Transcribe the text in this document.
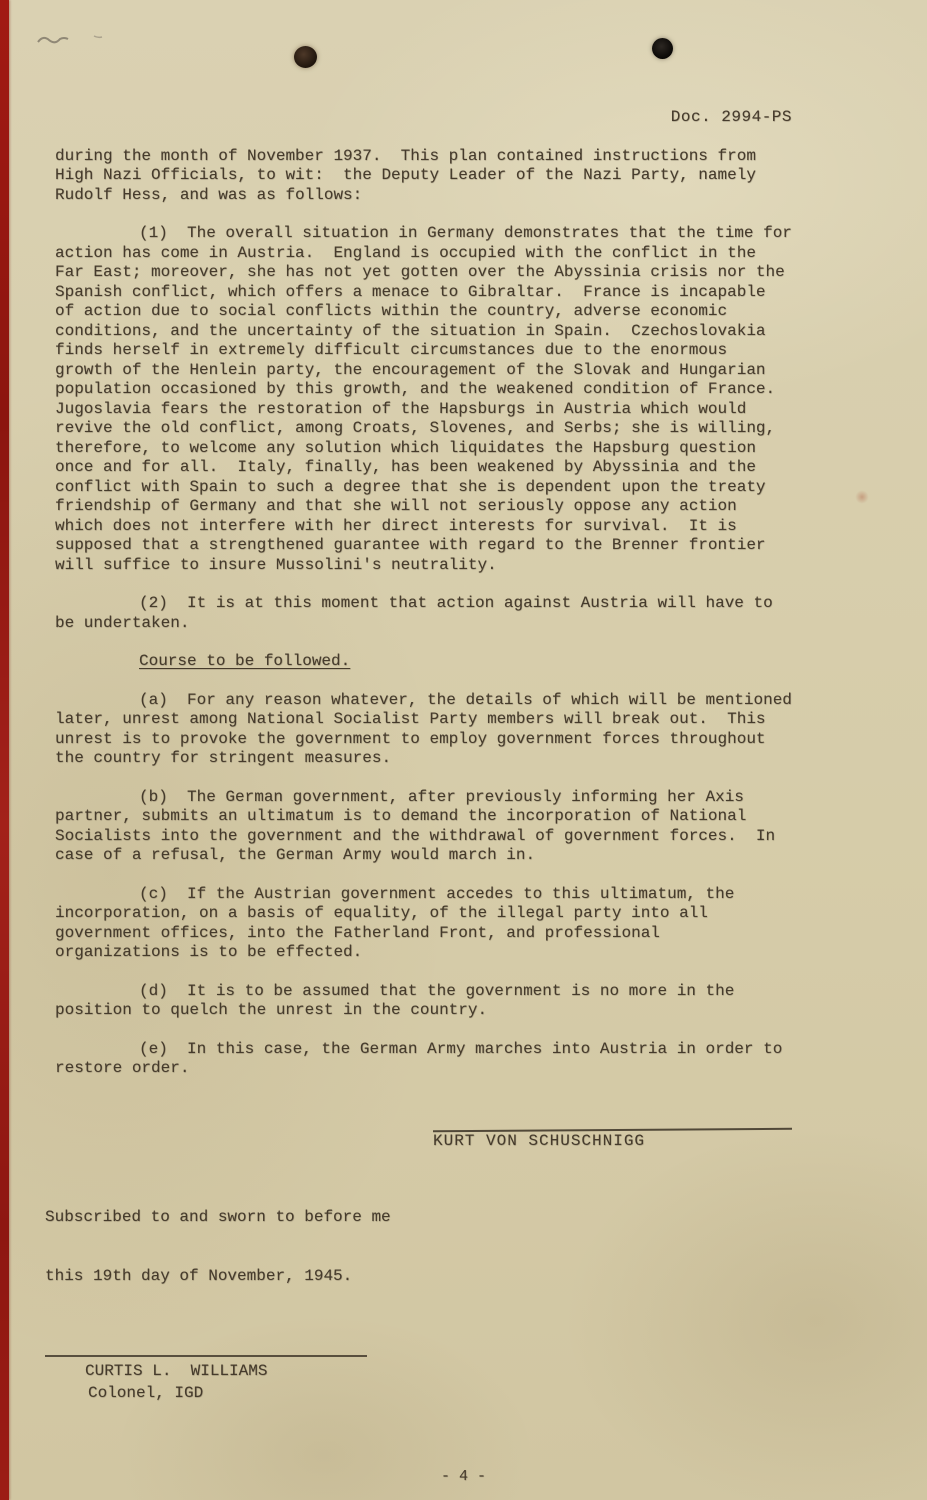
Doc. 2994-PS

during the month of November 1937.  This plan contained instructions from High Nazi Officials, to wit:  the Deputy Leader of the Nazi Party, namely Rudolf Hess, and was as follows:

(1)  The overall situation in Germany demonstrates that the time for action has come in Austria.  England is occupied with the conflict in the Far East; moreover, she has not yet gotten over the Abyssinia crisis nor the Spanish conflict, which offers a menace to Gibraltar.  France is incapable of action due to social conflicts within the country, adverse economic conditions, and the uncertainty of the situation in Spain.  Czechoslovakia finds herself in extremely difficult circumstances due to the enormous growth of the Henlein party, the encouragement of the Slovak and Hungarian population occasioned by this growth, and the weakened condition of France.  Jugoslavia fears the restoration of the Hapsburgs in Austria which would revive the old conflict, among Croats, Slovenes, and Serbs; she is willing, therefore, to welcome any solution which liquidates the Hapsburg question once and for all.  Italy, finally, has been weakened by Abyssinia and the conflict with Spain to such a degree that she is dependent upon the treaty friendship of Germany and that she will not seriously oppose any action which does not interfere with her direct interests for survival.  It is supposed that a strengthened guarantee with regard to the Brenner frontier will suffice to insure Mussolini's neutrality.

(2)  It is at this moment that action against Austria will have to be undertaken.

Course to be followed.

(a)  For any reason whatever, the details of which will be mentioned later, unrest among National Socialist Party members will break out.  This unrest is to provoke the government to employ government forces throughout the country for stringent measures.

(b)  The German government, after previously informing her Axis partner, submits an ultimatum is to demand the incorporation of National Socialists into the government and the withdrawal of government forces.  In case of a refusal, the German Army would march in.

(c)  If the Austrian government accedes to this ultimatum, the incorporation, on a basis of equality, of the illegal party into all government offices, into the Fatherland Front, and professional organizations is to be effected.

(d)  It is to be assumed that the government is no more in the position to quelch the unrest in the country.

(e)  In this case, the German Army marches into Austria in order to restore order.

KURT VON SCHUSCHNIGG

Subscribed to and sworn to before me

this 19th day of November, 1945.

CURTIS L.  WILLIAMS
Colonel, IGD
- 4 -
